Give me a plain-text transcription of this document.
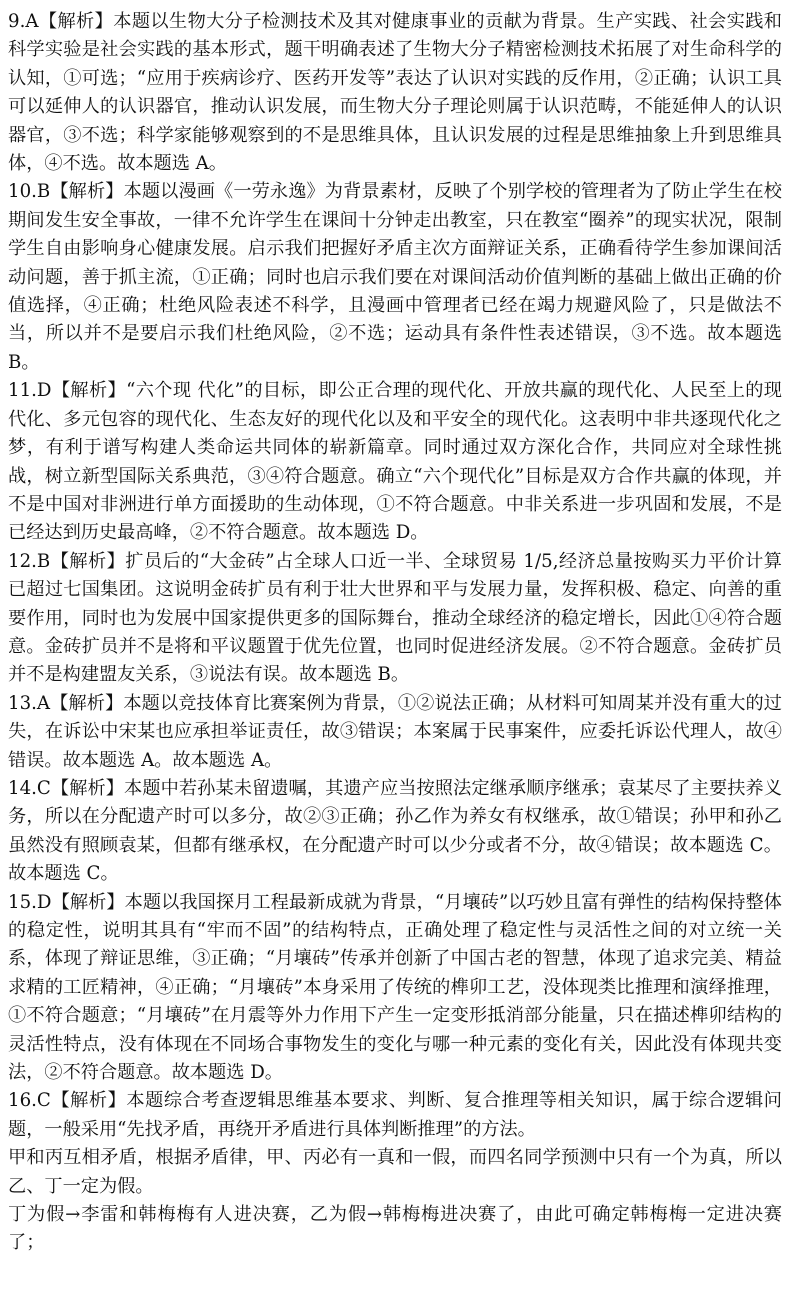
9.A【解析】本题以生物大分子检测技术及其对健康事业的贡献为背景。生产实践、社会实践和科学实验是社会实践的基本形式，题干明确表述了生物大分子精密检测技术拓展了对生命科学的认知，①可选；“应用于疾病诊疗、医药开发等”表达了认识对实践的反作用，②正确；认识工具可以延伸人的认识器官，推动认识发展，而生物大分子理论则属于认识范畴，不能延伸人的认识器官，③不选；科学家能够观察到的不是思维具体，且认识发展的过程是思维抽象上升到思维具体，④不选。故本题选 A。

10.B【解析】本题以漫画《一劳永逸》为背景素材，反映了个别学校的管理者为了防止学生在校期间发生安全事故，一律不允许学生在课间十分钟走出教室，只在教室“圈养”的现实状况，限制学生自由影响身心健康发展。启示我们把握好矛盾主次方面辩证关系，正确看待学生参加课间活动问题，善于抓主流，①正确；同时也启示我们要在对课间活动价值判断的基础上做出正确的价值选择，④正确；杜绝风险表述不科学，且漫画中管理者已经在竭力规避风险了，只是做法不当，所以并不是要启示我们杜绝风险，②不选；运动具有条件性表述错误，③不选。故本题选 B。

11.D【解析】“六个现 代化”的目标，即公正合理的现代化、开放共赢的现代化、人民至上的现代化、多元包容的现代化、生态友好的现代化以及和平安全的现代化。这表明中非共逐现代化之梦，有利于谱写构建人类命运共同体的崭新篇章。同时通过双方深化合作，共同应对全球性挑战，树立新型国际关系典范，③④符合题意。确立“六个现代化”目标是双方合作共赢的体现，并不是中国对非洲进行单方面援助的生动体现，①不符合题意。中非关系进一步巩固和发展，不是已经达到历史最高峰，②不符合题意。故本题选 D。

12.B【解析】扩员后的“大金砖”占全球人口近一半、全球贸易 1/5,经济总量按购买力平价计算 已超过七国集团。这说明金砖扩员有利于壮大世界和平与发展力量，发挥积极、稳定、向善的重要作用，同时也为发展中国家提供更多的国际舞台，推动全球经济的稳定增长，因此①④符合题意。金砖扩员并不是将和平议题置于优先位置，也同时促进经济发展。②不符合题意。金砖扩员并不是构建盟友关系，③说法有误。故本题选 B。

13.A【解析】本题以竞技体育比赛案例为背景，①②说法正确；从材料可知周某并没有重大的过失，在诉讼中宋某也应承担举证责任，故③错误；本案属于民事案件，应委托诉讼代理人，故④错误。故本题选 A。故本题选 A。

14.C【解析】本题中若孙某未留遗嘱，其遗产应当按照法定继承顺序继承；袁某尽了主要扶养义务，所以在分配遗产时可以多分，故②③正确；孙乙作为养女有权继承，故①错误；孙甲和孙乙虽然没有照顾袁某，但都有继承权，在分配遗产时可以少分或者不分，故④错误；故本题选 C。故本题选 C。

15.D【解析】本题以我国探月工程最新成就为背景，“月壤砖”以巧妙且富有弹性的结构保持整体的稳定性，说明其具有“牢而不固”的结构特点，正确处理了稳定性与灵活性之间的对立统一关系，体现了辩证思维，③正确；“月壤砖”传承并创新了中国古老的智慧，体现了追求完美、精益求精的工匠精神，④正确；“月壤砖”本身采用了传统的榫卯工艺，没体现类比推理和演绎推理，①不符合题意；“月壤砖”在月震等外力作用下产生一定变形抵消部分能量，只在描述榫卯结构的灵活性特点，没有体现在不同场合事物发生的变化与哪一种元素的变化有关，因此没有体现共变法，②不符合题意。故本题选 D。

16.C【解析】本题综合考查逻辑思维基本要求、判断、复合推理等相关知识，属于综合逻辑问题，一般采用“先找矛盾，再绕开矛盾进行具体判断推理”的方法。

甲和丙互相矛盾，根据矛盾律，甲、丙必有一真和一假，而四名同学预测中只有一个为真，所以乙、丁一定为假。

丁为假→李雷和韩梅梅有人进决赛，乙为假→韩梅梅进决赛了，由此可确定韩梅梅一定进决赛了；
